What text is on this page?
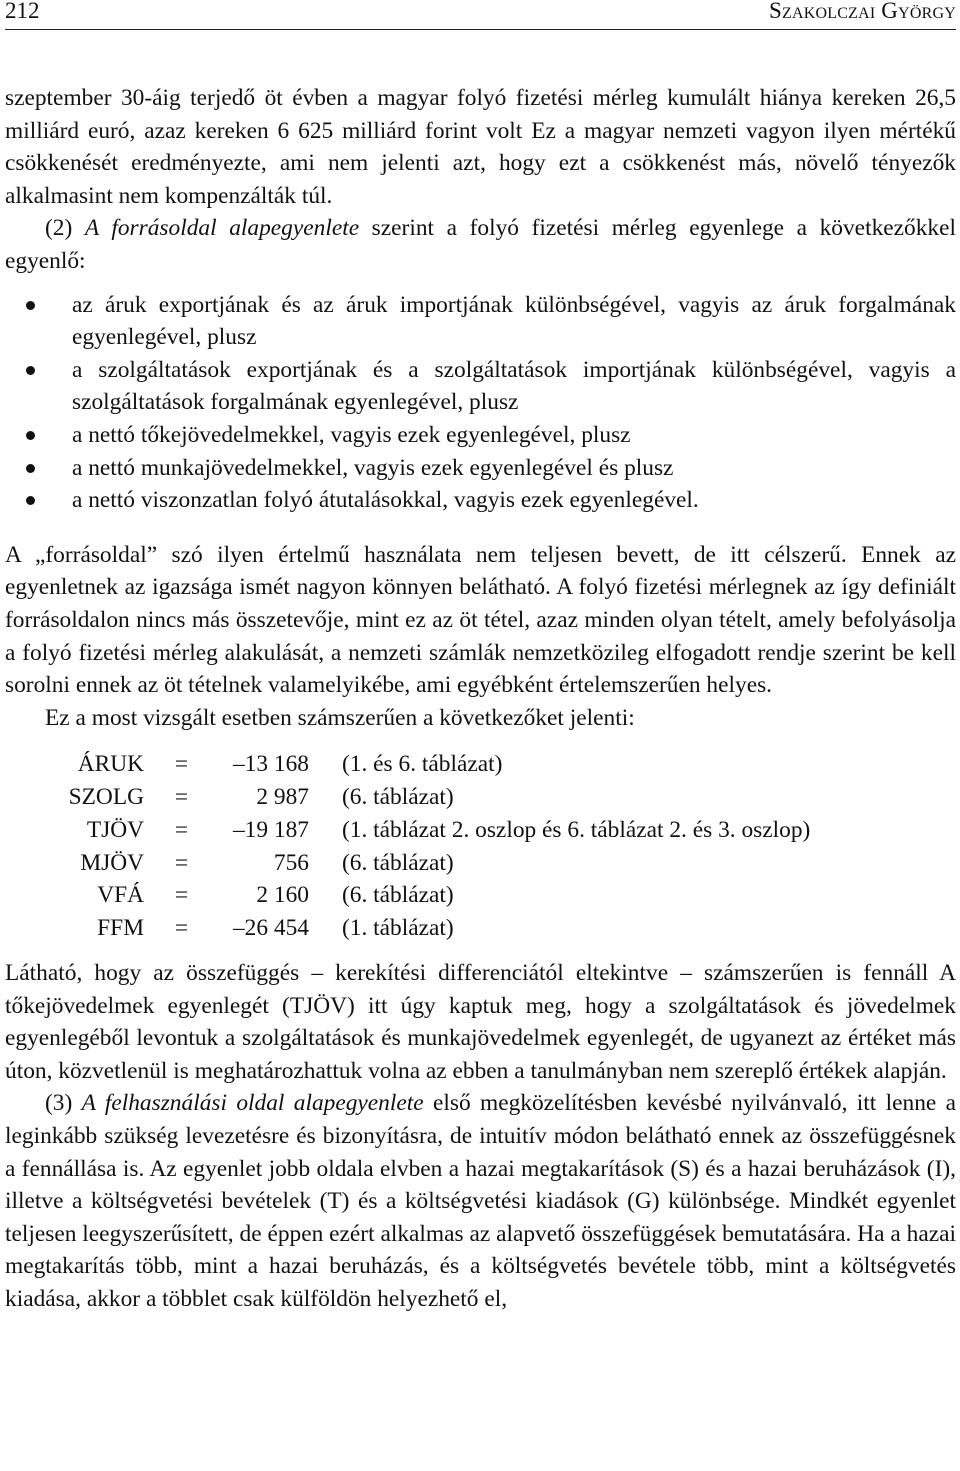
212	Szakolczai György

szeptember 30-áig terjedő öt évben a magyar folyó fizetési mérleg kumulált hiánya kereken 26,5 milliárd euró, azaz kereken 6 625 milliárd forint volt Ez a magyar nemzeti vagyon ilyen mértékű csökkenését eredményezte, ami nem jelenti azt, hogy ezt a csökkenést más, növelő tényezők alkalmasint nem kompenzálták túl.

(2) A forrásoldal alapegyenlete szerint a folyó fizetési mérleg egyenlege a következőkkel egyenlő:

az áruk exportjának és az áruk importjának különbségével, vagyis az áruk forgalmának egyenlegével, plusz
a szolgáltatások exportjának és a szolgáltatások importjának különbségével, vagyis a szolgáltatások forgalmának egyenlegével, plusz
a nettó tőkejövedelmekkel, vagyis ezek egyenlegével, plusz
a nettó munkajövedelmekkel, vagyis ezek egyenlegével és plusz
a nettó viszonzatlan folyó átutalásokkal, vagyis ezek egyenlegével.

A „forrásoldal” szó ilyen értelmű használata nem teljesen bevett, de itt célszerű. Ennek az egyenletnek az igazsága ismét nagyon könnyen belátható. A folyó fizetési mérlegnek az így definiált forrásoldalon nincs más összetevője, mint ez az öt tétel, azaz minden olyan tételt, amely befolyásolja a folyó fizetési mérleg alakulását, a nemzeti számlák nemzetközileg elfogadott rendje szerint be kell sorolni ennek az öt tételnek valamelyikébe, ami egyébként értelemszerűen helyes.

Ez a most vizsgált esetben számszerűen a következőket jelenti:

ÁRUK	=	–13 168	(1. és 6. táblázat)
SZOLG	=	2 987	(6. táblázat)
TJÖV	=	–19 187	(1. táblázat 2. oszlop és 6. táblázat 2. és 3. oszlop)
MJÖV	=	756	(6. táblázat)
VFÁ	=	2 160	(6. táblázat)
FFM	=	–26 454	(1. táblázat)

Látható, hogy az összefüggés – kerekítési differenciától eltekintve – számszerűen is fennáll A tőkejövedelmek egyenlegét (TJÖV) itt úgy kaptuk meg, hogy a szolgáltatások és jövedelmek egyenlegéből levontuk a szolgáltatások és munkajövedelmek egyenlegét, de ugyanezt az értéket más úton, közvetlenül is meghatározhattuk volna az ebben a tanulmányban nem szereplő értékek alapján.

(3) A felhasználási oldal alapegyenlete első megközelítésben kevésbé nyilvánvaló, itt lenne a leginkább szükség levezetésre és bizonyításra, de intuitív módon belátható ennek az összefüggésnek a fennállása is. Az egyenlet jobb oldala elvben a hazai megtakarítások (S) és a hazai beruházások (I), illetve a költségvetési bevételek (T) és a költségvetési kiadások (G) különbsége. Mindkét egyenlet teljesen leegyszerűsített, de éppen ezért alkalmas az alapvető összefüggések bemutatására. Ha a hazai megtakarítás több, mint a hazai beruházás, és a költségvetés bevétele több, mint a költségvetés kiadása, akkor a többlet csak külföldön helyezhető el,
